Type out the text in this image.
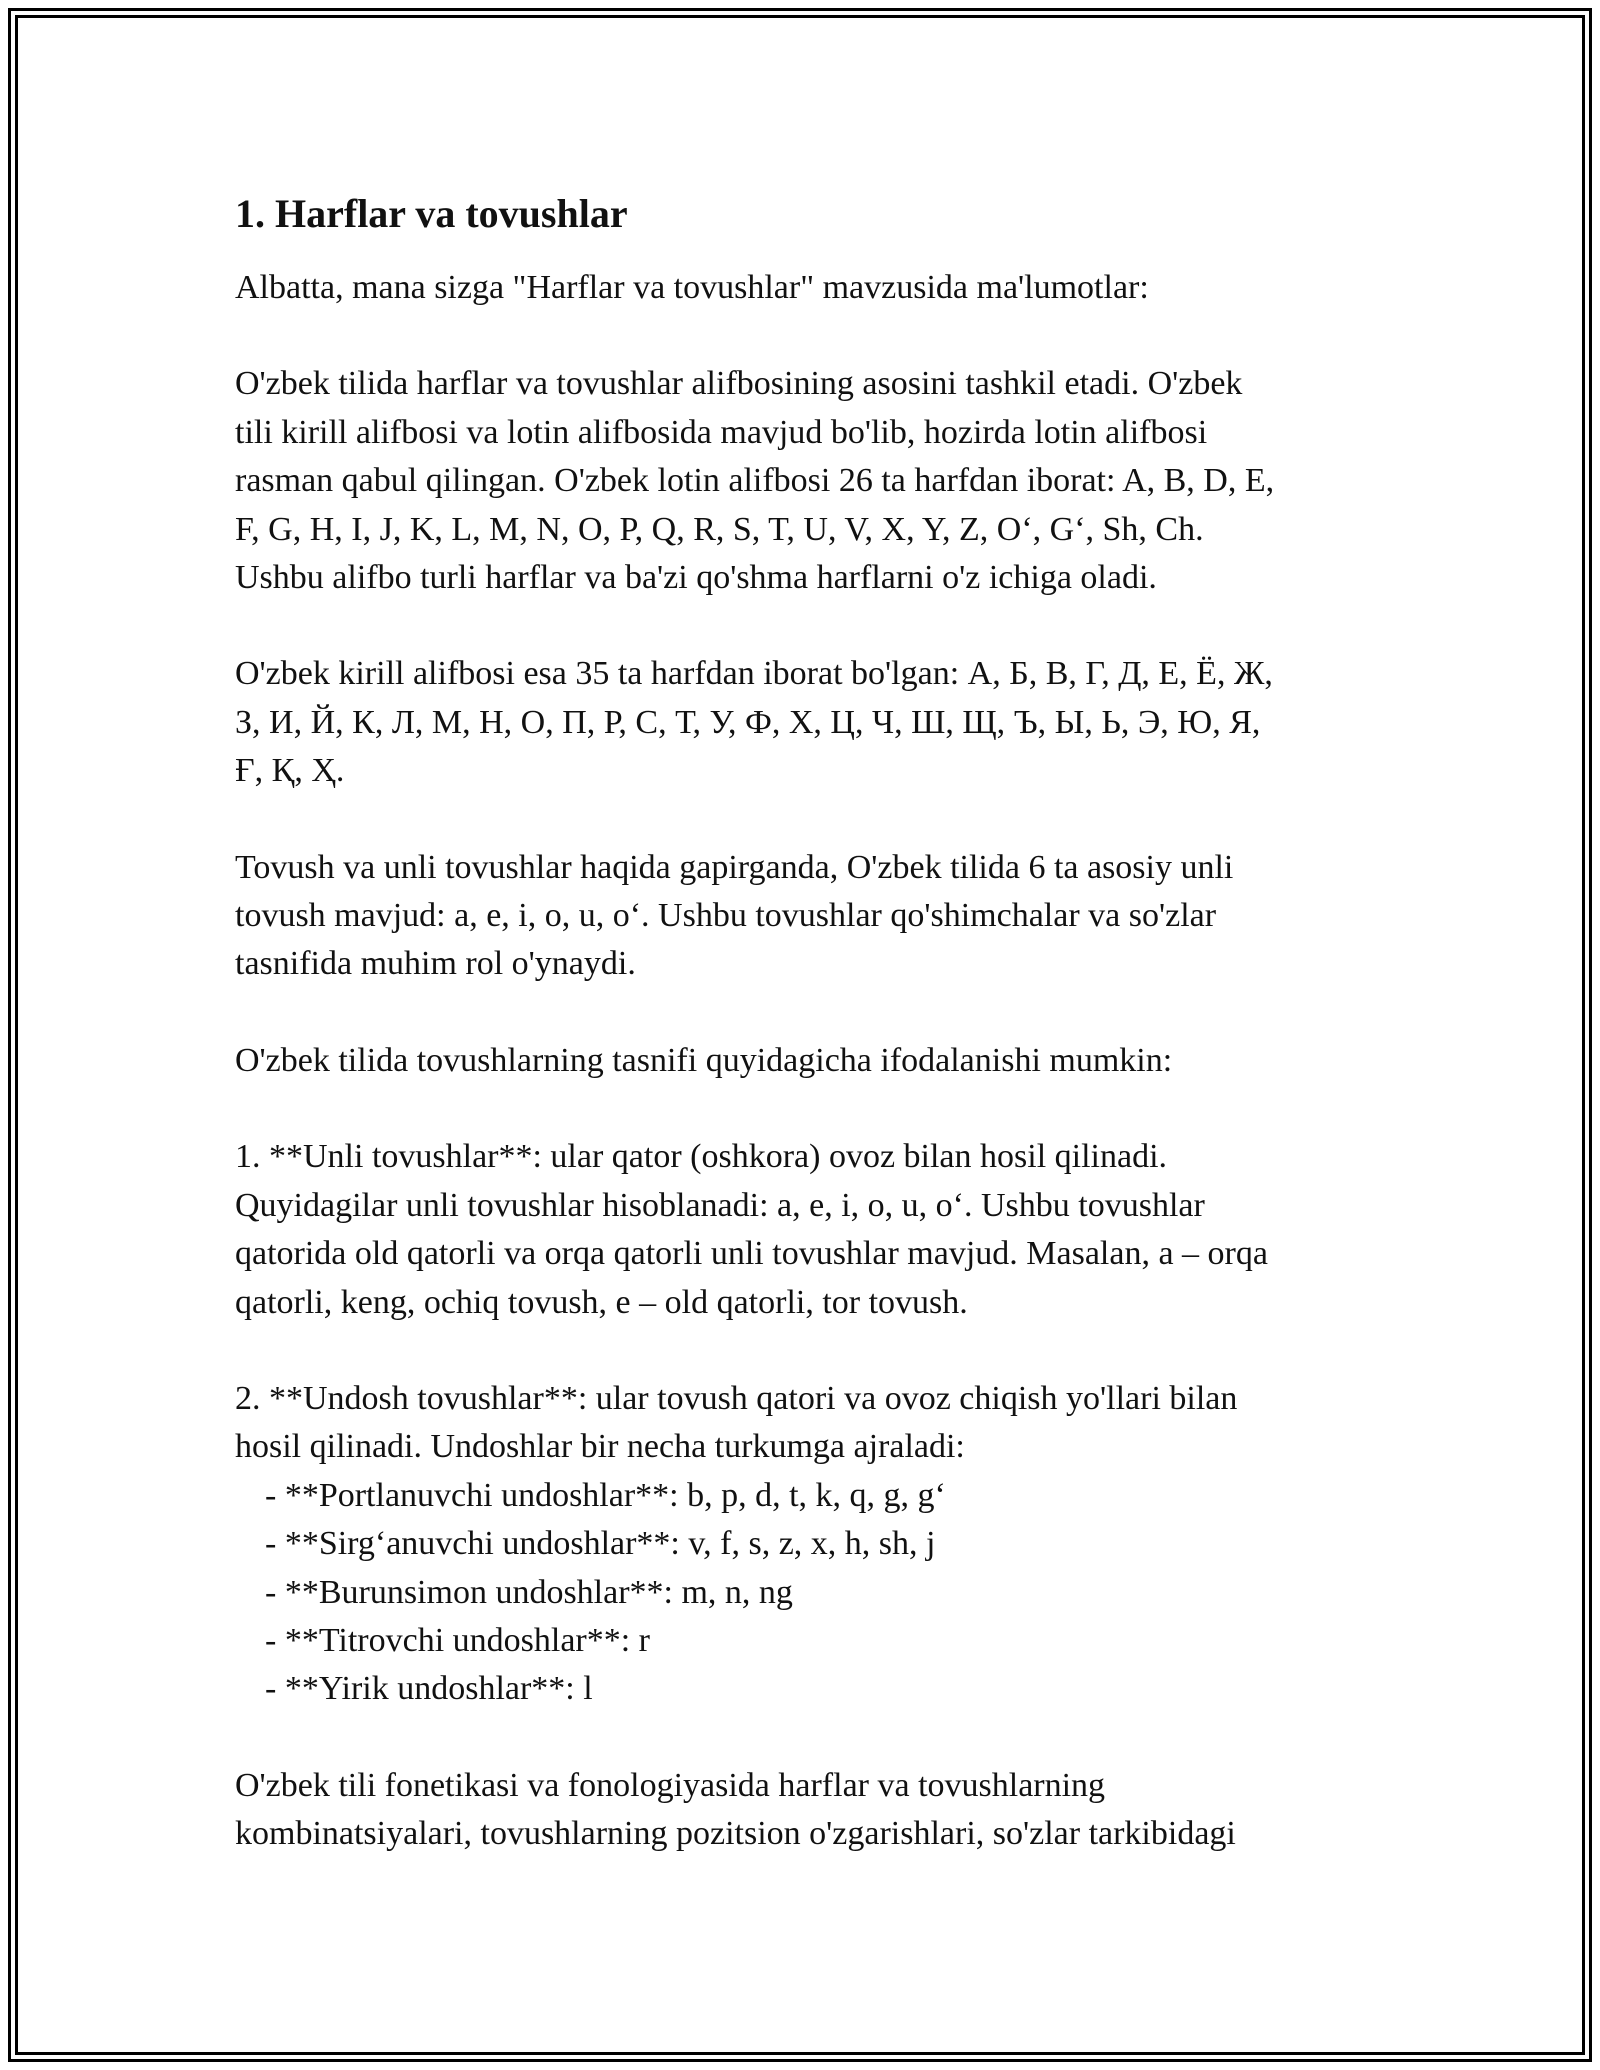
1. Harflar va tovushlar

Albatta, mana sizga "Harflar va tovushlar" mavzusida ma'lumotlar:

O'zbek tilida harflar va tovushlar alifbosining asosini tashkil etadi. O'zbek
tili kirill alifbosi va lotin alifbosida mavjud bo'lib, hozirda lotin alifbosi
rasman qabul qilingan. O'zbek lotin alifbosi 26 ta harfdan iborat: A, B, D, E,
F, G, H, I, J, K, L, M, N, O, P, Q, R, S, T, U, V, X, Y, Z, O‘, G‘, Sh, Ch.
Ushbu alifbo turli harflar va ba'zi qo'shma harflarni o'z ichiga oladi.

O'zbek kirill alifbosi esa 35 ta harfdan iborat bo'lgan: А, Б, В, Г, Д, Е, Ё, Ж,
З, И, Й, К, Л, М, Н, О, П, Р, С, Т, У, Ф, Х, Ц, Ч, Ш, Щ, Ъ, Ы, Ь, Э, Ю, Я,
Ғ, Қ, Ҳ.

Tovush va unli tovushlar haqida gapirganda, O'zbek tilida 6 ta asosiy unli
tovush mavjud: a, e, i, o, u, o‘. Ushbu tovushlar qo'shimchalar va so'zlar
tasnifida muhim rol o'ynaydi.

O'zbek tilida tovushlarning tasnifi quyidagicha ifodalanishi mumkin:

1. **Unli tovushlar**: ular qator (oshkora) ovoz bilan hosil qilinadi.
Quyidagilar unli tovushlar hisoblanadi: a, e, i, o, u, o‘. Ushbu tovushlar
qatorida old qatorli va orqa qatorli unli tovushlar mavjud. Masalan, a – orqa
qatorli, keng, ochiq tovush, e – old qatorli, tor tovush.

2. **Undosh tovushlar**: ular tovush qatori va ovoz chiqish yo'llari bilan
hosil qilinadi. Undoshlar bir necha turkumga ajraladi:
- **Portlanuvchi undoshlar**: b, p, d, t, k, q, g, g‘
- **Sirg‘anuvchi undoshlar**: v, f, s, z, x, h, sh, j
- **Burunsimon undoshlar**: m, n, ng
- **Titrovchi undoshlar**: r
- **Yirik undoshlar**: l

O'zbek tili fonetikasi va fonologiyasida harflar va tovushlarning
kombinatsiyalari, tovushlarning pozitsion o'zgarishlari, so'zlar tarkibidagi
